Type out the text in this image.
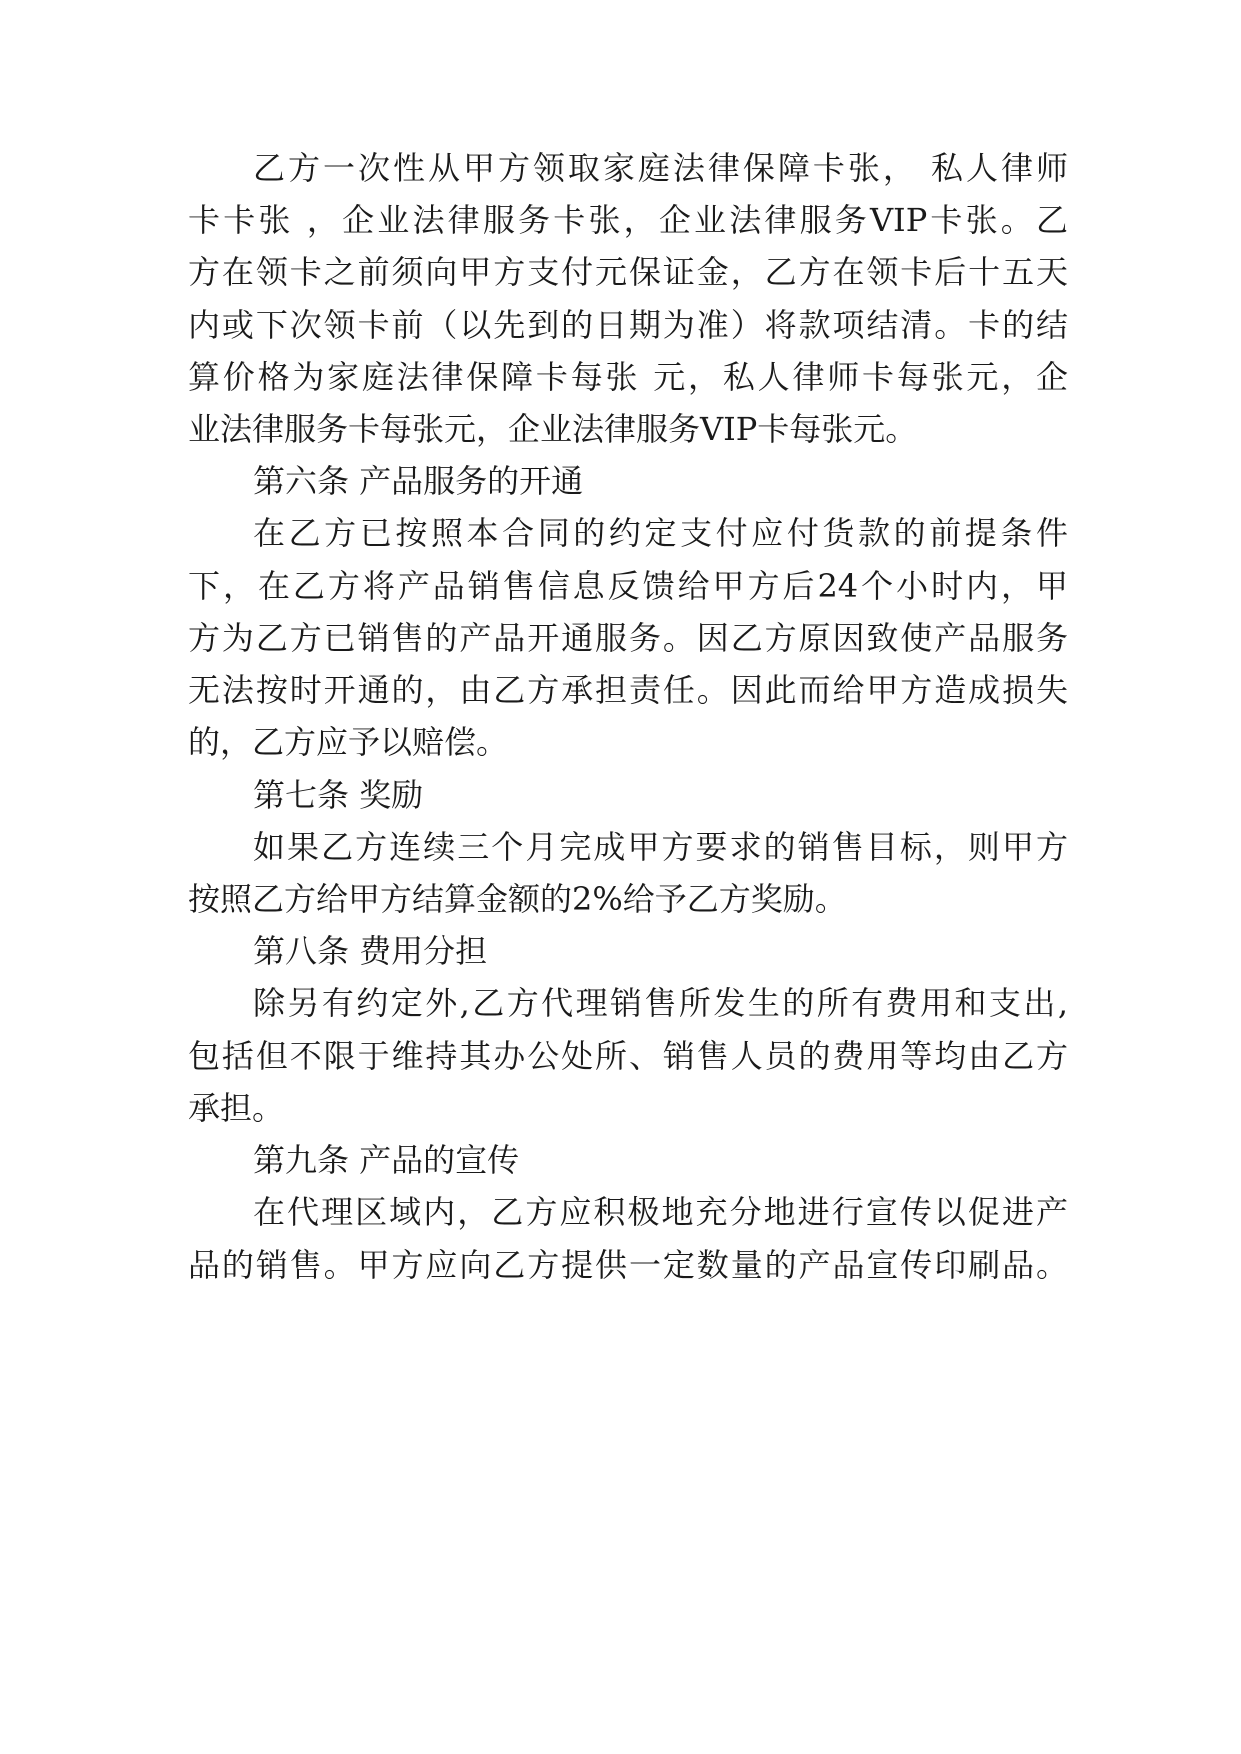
乙方一次性从甲方领取家庭法律保障卡张， 私人律师
卡卡张 ，企业法律服务卡张，企业法律服务VIP卡张。乙
方在领卡之前须向甲方支付元保证金，乙方在领卡后十五天
内或下次领卡前（以先到的日期为准）将款项结清。卡的结
算价格为家庭法律保障卡每张 元，私人律师卡每张元，企
业法律服务卡每张元，企业法律服务VIP卡每张元。
第六条 产品服务的开通
在乙方已按照本合同的约定支付应付货款的前提条件
下，在乙方将产品销售信息反馈给甲方后24个小时内，甲
方为乙方已销售的产品开通服务。因乙方原因致使产品服务
无法按时开通的，由乙方承担责任。因此而给甲方造成损失
的，乙方应予以赔偿。
第七条 奖励
如果乙方连续三个月完成甲方要求的销售目标，则甲方
按照乙方给甲方结算金额的2%给予乙方奖励。
第八条 费用分担
除另有约定外,乙方代理销售所发生的所有费用和支出,
包括但不限于维持其办公处所、销售人员的费用等均由乙方
承担。
第九条 产品的宣传
在代理区域内，乙方应积极地充分地进行宣传以促进产
品的销售。甲方应向乙方提供一定数量的产品宣传印刷品。
